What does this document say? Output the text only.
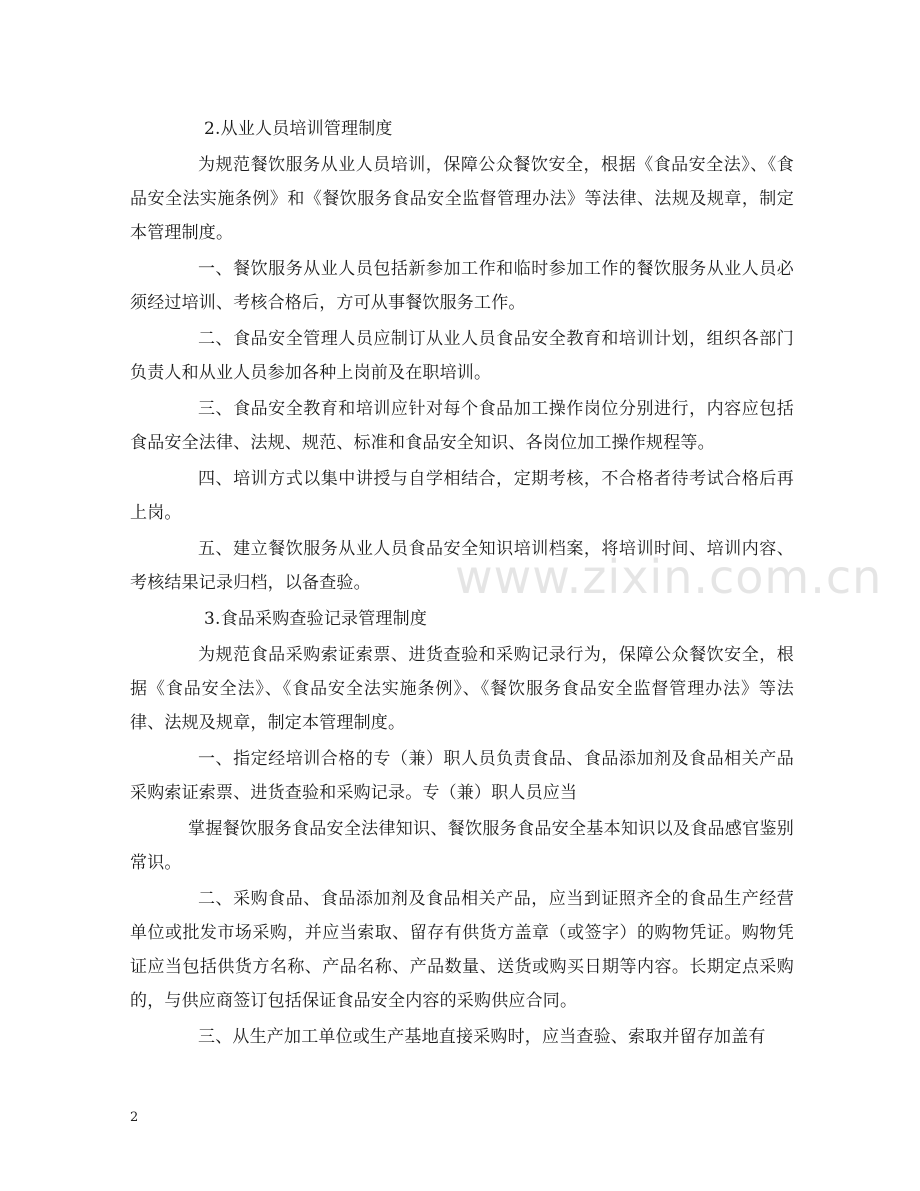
2.从业人员培训管理制度

为规范餐饮服务从业人员培训，保障公众餐饮安全，根据《食品安全法》、《食品安全法实施条例》和《餐饮服务食品安全监督管理办法》等法律、法规及规章，制定本管理制度。

一、餐饮服务从业人员包括新参加工作和临时参加工作的餐饮服务从业人员必须经过培训、考核合格后，方可从事餐饮服务工作。

二、食品安全管理人员应制订从业人员食品安全教育和培训计划，组织各部门负责人和从业人员参加各种上岗前及在职培训。

三、食品安全教育和培训应针对每个食品加工操作岗位分别进行，内容应包括食品安全法律、法规、规范、标准和食品安全知识、各岗位加工操作规程等。

四、培训方式以集中讲授与自学相结合，定期考核，不合格者待考试合格后再上岗。

五、建立餐饮服务从业人员食品安全知识培训档案，将培训时间、培训内容、考核结果记录归档，以备查验。

3.食品采购查验记录管理制度

为规范食品采购索证索票、进货查验和采购记录行为，保障公众餐饮安全，根据《食品安全法》、《食品安全法实施条例》、《餐饮服务食品安全监督管理办法》等法律、法规及规章，制定本管理制度。

一、指定经培训合格的专（兼）职人员负责食品、食品添加剂及食品相关产品采购索证索票、进货查验和采购记录。专（兼）职人员应当

掌握餐饮服务食品安全法律知识、餐饮服务食品安全基本知识以及食品感官鉴别常识。

二、采购食品、食品添加剂及食品相关产品，应当到证照齐全的食品生产经营单位或批发市场采购，并应当索取、留存有供货方盖章（或签字）的购物凭证。购物凭证应当包括供货方名称、产品名称、产品数量、送货或购买日期等内容。长期定点采购的，与供应商签订包括保证食品安全内容的采购供应合同。

三、从生产加工单位或生产基地直接采购时，应当查验、索取并留存加盖有

www.zixin.com.cn
2
